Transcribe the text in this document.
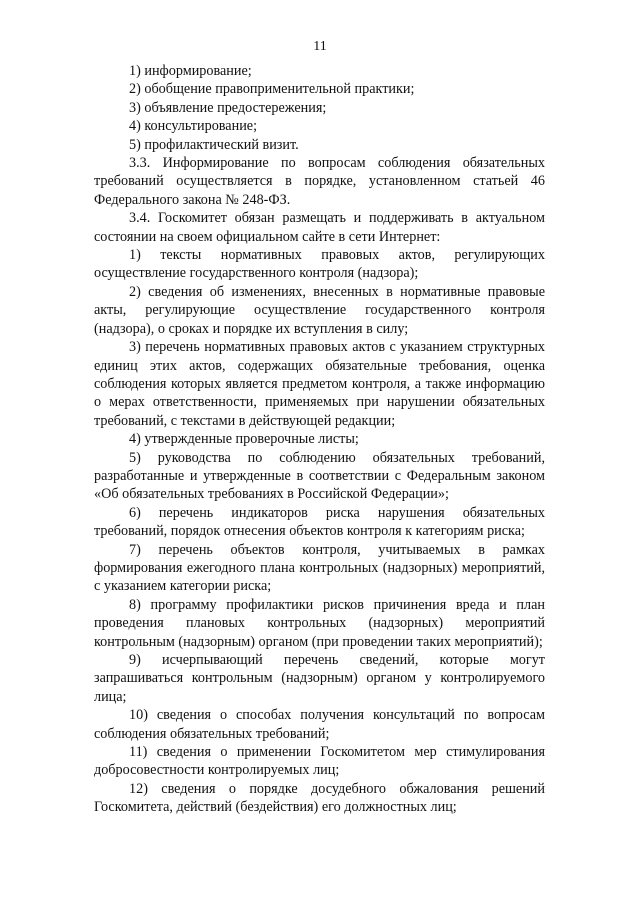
11

1) информирование;

2) обобщение правоприменительной практики;

3) объявление предостережения;

4) консультирование;

5) профилактический визит.

3.3. Информирование по вопросам соблюдения обязательных требований осуществляется в порядке, установленном статьей 46 Федерального закона № 248-ФЗ.

3.4. Госкомитет обязан размещать и поддерживать в актуальном состоянии на своем официальном сайте в сети Интернет:

1) тексты нормативных правовых актов, регулирующих осуществление государственного контроля (надзора);

2) сведения об изменениях, внесенных в нормативные правовые акты, регулирующие осуществление государственного контроля (надзора), о сроках и порядке их вступления в силу;

3) перечень нормативных правовых актов с указанием структурных единиц этих актов, содержащих обязательные требования, оценка соблюдения которых является предметом контроля, а также информацию о мерах ответственности, применяемых при нарушении обязательных требований, с текстами в действующей редакции;

4) утвержденные проверочные листы;

5) руководства по соблюдению обязательных требований, разработанные и утвержденные в соответствии с Федеральным законом «Об обязательных требованиях в Российской Федерации»;

6) перечень индикаторов риска нарушения обязательных требований, порядок отнесения объектов контроля к категориям риска;

7) перечень объектов контроля, учитываемых в рамках формирования ежегодного плана контрольных (надзорных) мероприятий, с указанием категории риска;

8) программу профилактики рисков причинения вреда и план проведения плановых контрольных (надзорных) мероприятий контрольным (надзорным) органом (при проведении таких мероприятий);

9) исчерпывающий перечень сведений, которые могут запрашиваться контрольным (надзорным) органом у контролируемого лица;

10) сведения о способах получения консультаций по вопросам соблюдения обязательных требований;

11) сведения о применении Госкомитетом мер стимулирования добросовестности контролируемых лиц;

12) сведения о порядке досудебного обжалования решений Госкомитета, действий (бездействия) его должностных лиц;
